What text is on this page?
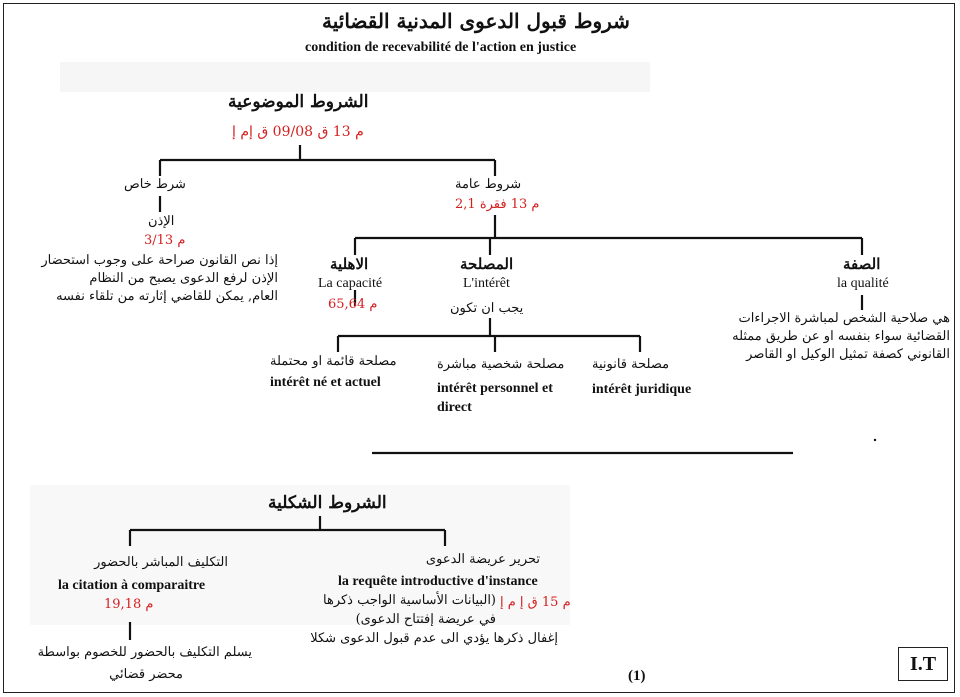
شروط قبول الدعوى المدنية القضائية
condition de recevabilité de l'action en justice
الشروط الموضوعية
م 13 ق 09/08 ق إم إ
شرط خاص
الإذن
م 3/13
إذا نص القانون صراحة على وجوب استحضار
الإذن لرفع الدعوى يصبح من النظام
العام, يمكن للقاضي إثارته من تلقاء نفسه
شروط عامة
م 13 فقرة 2,1
الاهلية
La capacité
م 65,64
المصلحة
L'intérêt
يجب ان تكون
مصلحة قائمة او محتملة
intérêt né et actuel
مصلحة شخصية مباشرة
intérêt personnel et direct
مصلحة قانونية
intérêt juridique
الصفة
la qualité
هي صلاحية الشخص لمباشرة الاجراءات
القضائية سواء بنفسه او عن طريق ممثله
القانوني كصفة تمثيل الوكيل او القاصر
الشروط الشكلية
التكليف المباشر بالحضور
la citation à comparaitre
م 19,18
يسلم التكليف بالحضور للخصوم بواسطة
محضر قضائي
تحرير عريضة الدعوى
la requête introductive d'instance
م 15 ق إ م إ
(البيانات الأساسية الواجب ذكرها
في عريضة إفتتاح الدعوى)
إغفال ذكرها يؤدي الى عدم قبول الدعوى شكلا
(1)
I.T
